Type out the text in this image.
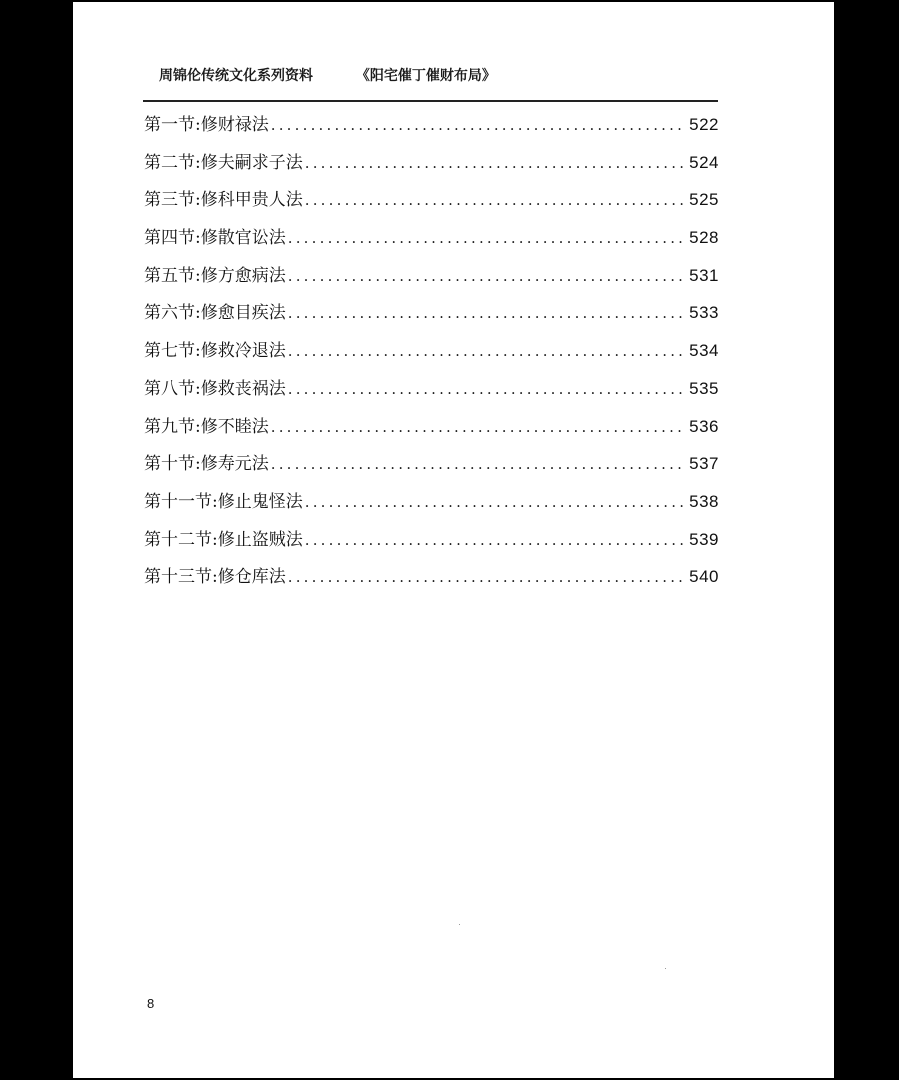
周锦伦传统文化系列资料	《阳宅催丁催财布局》
第一节:修财禄法 .....	522
第二节:修夫嗣求子法 .....	524
第三节:修科甲贵人法 .....	525
第四节:修散官讼法 .....	528
第五节:修方愈病法 .....	531
第六节:修愈目疾法 .....	533
第七节:修救冷退法 .....	534
第八节:修救丧祸法 .....	535
第九节:修不睦法 .....	536
第十节:修寿元法 .....	537
第十一节:修止鬼怪法 .....	538
第十二节:修止盗贼法 .....	539
第十三节:修仓库法 .....	540
8
